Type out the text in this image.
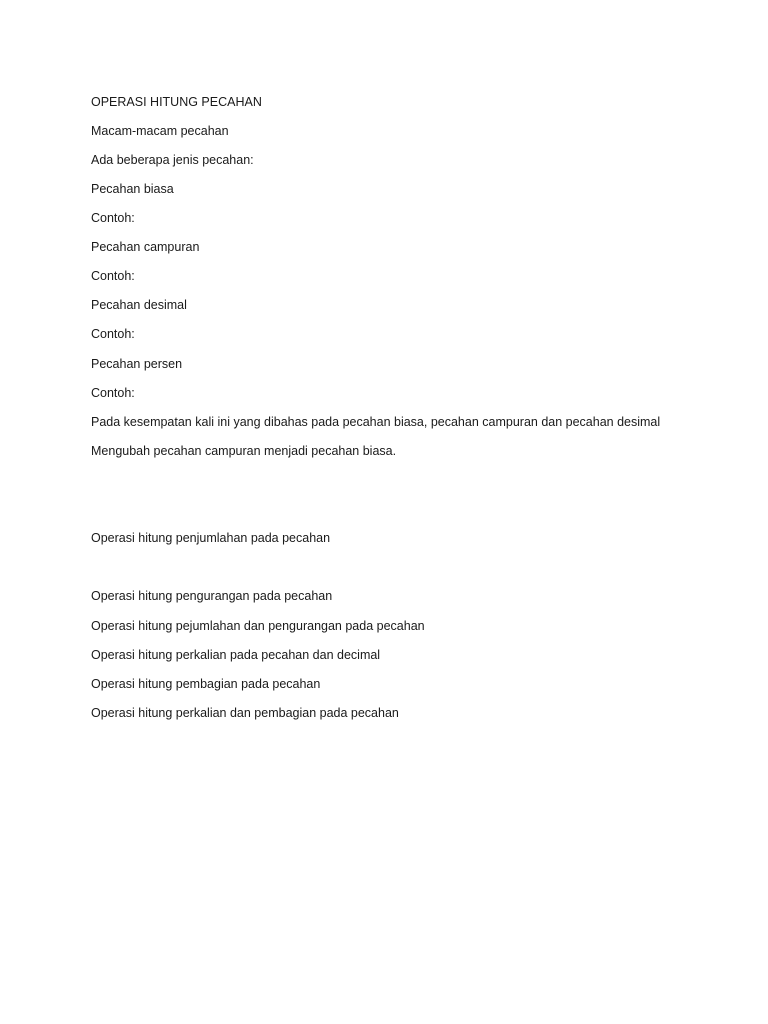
OPERASI HITUNG PECAHAN

Macam-macam pecahan

Ada beberapa jenis pecahan:

Pecahan biasa

Contoh:

Pecahan campuran

Contoh:

Pecahan desimal

Contoh:

Pecahan persen

Contoh:

Pada kesempatan kali ini yang dibahas pada pecahan biasa, pecahan campuran dan pecahan desimal

Mengubah pecahan campuran menjadi pecahan biasa.

Operasi hitung penjumlahan pada pecahan

Operasi hitung pengurangan pada pecahan

Operasi hitung pejumlahan dan pengurangan pada pecahan

Operasi hitung perkalian pada pecahan dan decimal

Operasi hitung pembagian pada pecahan

Operasi hitung perkalian dan pembagian pada pecahan
